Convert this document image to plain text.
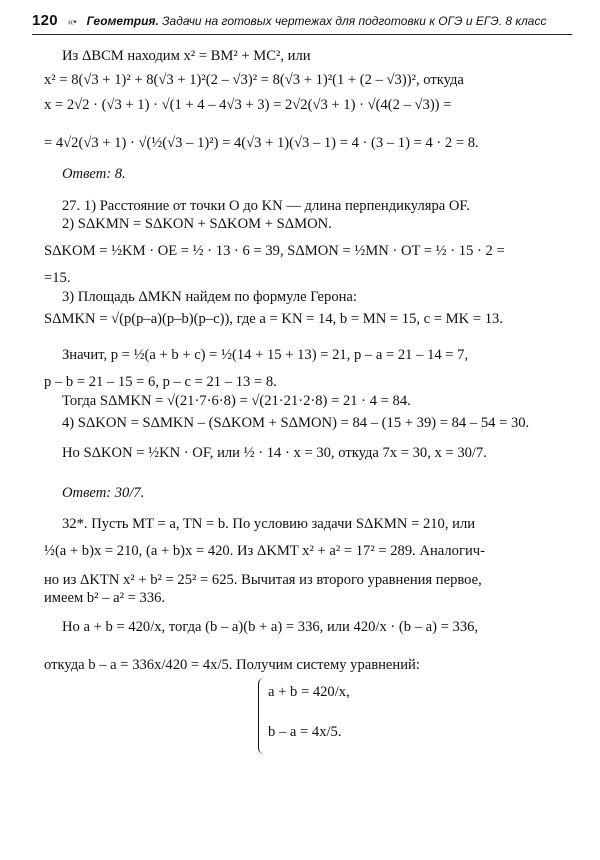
120 «• Геометрия. Задачи на готовых чертежах для подготовки к ОГЭ и ЕГЭ. 8 класс
Из ΔBCM находим x² = BM² + MC², или
x² = 8(√3 + 1)² + 8(√3 + 1)²(2 – √3)² = 8(√3 + 1)²(1 + (2 – √3))², откуда
x = 2√2 · (√3 + 1) · √(1 + 4 – 4√3 + 3) = 2√2(√3 + 1) · √(4(2 – √3)) =
= 4√2(√3 + 1) · √(½(√3 – 1)²) = 4(√3 + 1)(√3 – 1) = 4 · (3 – 1) = 4 · 2 = 8.
Ответ: 8.
27. 1) Расстояние от точки O до KN — длина перпендикуляра OF.
2) SΔKMN = SΔKON + SΔKOM + SΔMON.
SΔKOM = ½KM · OE = ½ · 13 · 6 = 39, SΔMON = ½MN · OT = ½ · 15 · 2 =
=15.
3) Площадь ΔMKN найдем по формуле Герона:
SΔMKN = √(p(p–a)(p–b)(p–c)), где a = KN = 14, b = MN = 15, c = MK = 13.
Значит, p = ½(a + b + c) = ½(14 + 15 + 13) = 21, p – a = 21 – 14 = 7,
p – b = 21 – 15 = 6, p – c = 21 – 13 = 8.
Тогда SΔMKN = √(21·7·6·8) = √(21·21·2·8) = 21 · 4 = 84.
4) SΔKON = SΔMKN – (SΔKOM + SΔMON) = 84 – (15 + 39) = 84 – 54 = 30.
Но SΔKON = ½KN · OF, или ½ · 14 · x = 30, откуда 7x = 30, x = 30/7.
Ответ: 30/7.
32*. Пусть MT = a, TN = b. По условию задачи SΔKMN = 210, или
½(a + b)x = 210, (a + b)x = 420. Из ΔKMT x² + a² = 17² = 289. Аналогич-
но из ΔKTN x² + b² = 25² = 625. Вычитая из второго уравнения первое,
имеем b² – a² = 336.
Но a + b = 420/x, тогда (b – a)(b + a) = 336, или 420/x · (b – a) = 336,
откуда b – a = 336x/420 = 4x/5. Получим систему уравнений:
a + b = 420/x,
b – a = 4x/5.
